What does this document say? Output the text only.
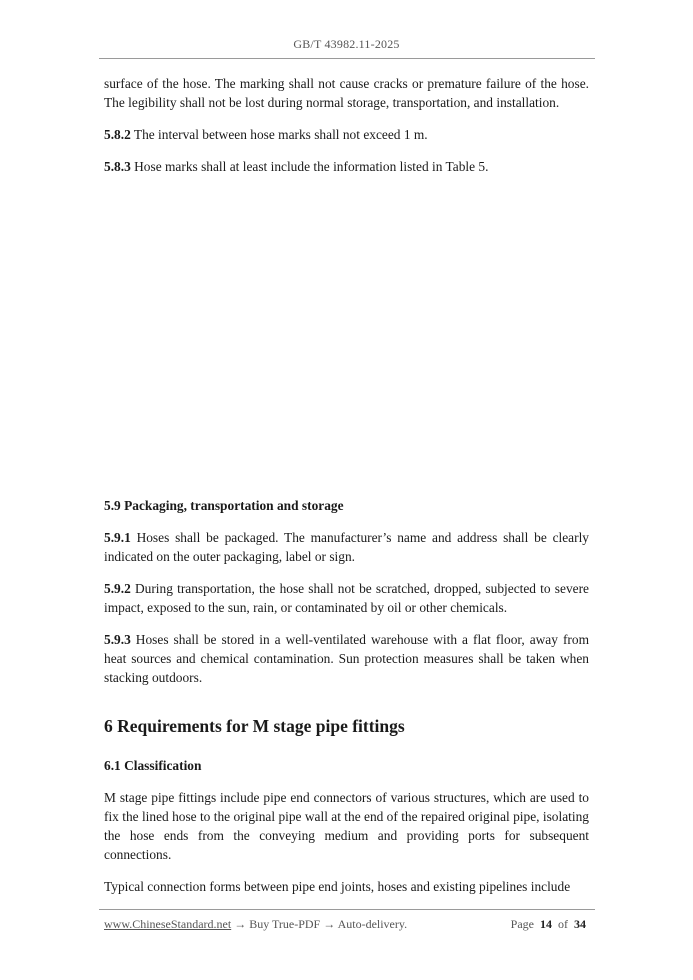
GB/T 43982.11-2025

surface of the hose. The marking shall not cause cracks or premature failure of the hose. The legibility shall not be lost during normal storage, transportation, and installation.

5.8.2 The interval between hose marks shall not exceed 1 m.

5.8.3 Hose marks shall at least include the information listed in Table 5.

5.9 Packaging, transportation and storage

5.9.1 Hoses shall be packaged. The manufacturer’s name and address shall be clearly indicated on the outer packaging, label or sign.

5.9.2 During transportation, the hose shall not be scratched, dropped, subjected to severe impact, exposed to the sun, rain, or contaminated by oil or other chemicals.

5.9.3 Hoses shall be stored in a well-ventilated warehouse with a flat floor, away from heat sources and chemical contamination. Sun protection measures shall be taken when stacking outdoors.

6 Requirements for M stage pipe fittings

6.1 Classification

M stage pipe fittings include pipe end connectors of various structures, which are used to fix the lined hose to the original pipe wall at the end of the repaired original pipe, isolating the hose ends from the conveying medium and providing ports for subsequent connections.

Typical connection forms between pipe end joints, hoses and existing pipelines include

www.ChineseStandard.net → Buy True-PDF → Auto-delivery.	Page 14 of 34
